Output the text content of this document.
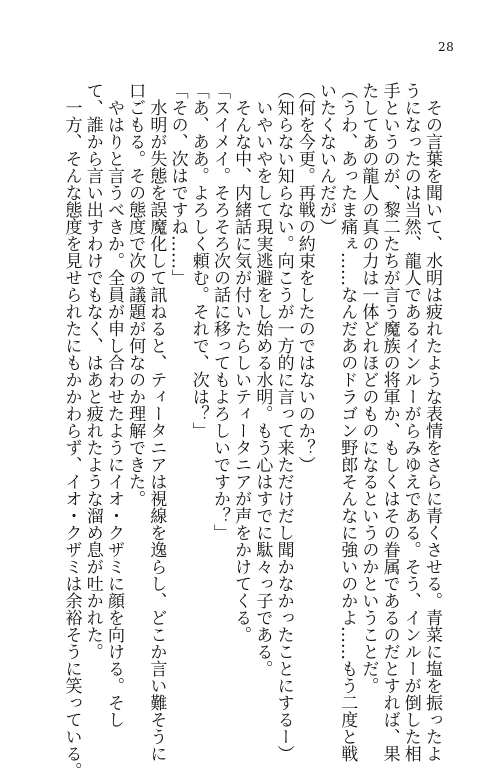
28
　その言葉を聞いて、水明は疲れたような表情をさらに青くさせる。青菜に塩を振ったよ
うになったのは当然、龍人であるインルーがらみゆえである。そう、インルーが倒した相
手というのが、黎二たちが言う魔族の将軍か、もしくはその眷属であるのだとすれば、果
たしてあの龍人の真の力は一体どれほどのものになるというのかということだ。
（うわ、あったま痛ぇ……なんだあのドラゴン野郎そんなに強いのかよ……もう二度と戦
いたくないんだが）
（何を今更。再戦の約束をしたのではないのか？）
（知らない知らない。向こうが一方的に言って来ただけだし聞かなかったことにするー）
　いやいやをして現実逃避をし始める水明。もう心はすでに駄々っ子である。
　そんな中、内緒話に気が付いたらしいティータニアが声をかけてくる。
「スイメイ。そろそろ次の話に移ってもよろしいですか？」
「あ、ああ。よろしく頼む。それで、次は？」
「その、次はですね……」
　水明が失態を誤魔化して訊ねると、ティータニアは視線を逸らし、どこか言い難そうに
口ごもる。その態度で次の議題が何なのか理解できた。
　やはりと言うべきか。全員が申し合わせたようにイオ・クザミに顔を向ける。そし
て、誰から言い出すわけでもなく、はあと疲れたような溜め息が吐かれた。
　一方、そんな態度を見せられたにもかかわらず、イオ・クザミは余裕そうに笑っている。
